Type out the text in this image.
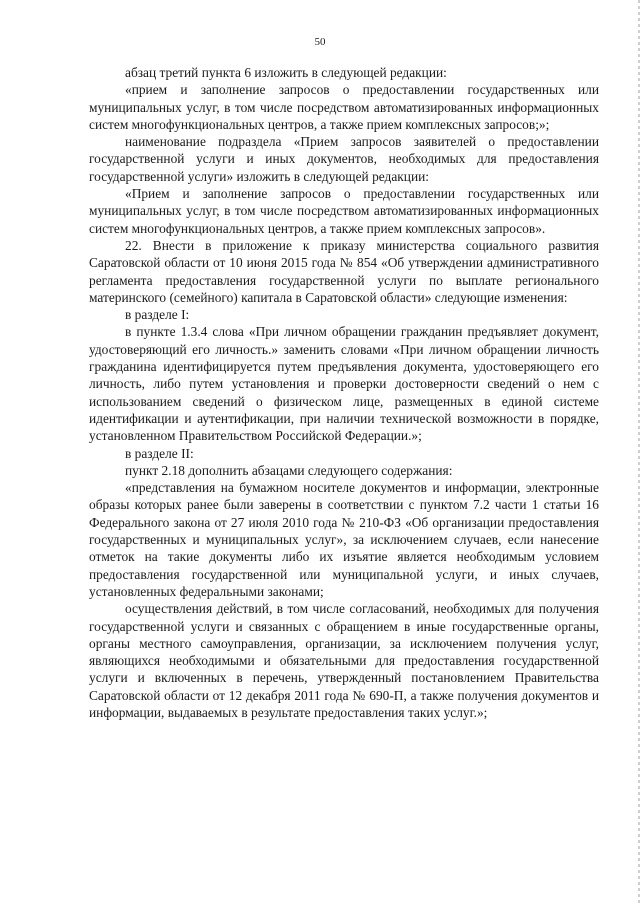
50

абзац третий пункта 6 изложить в следующей редакции:

«прием и заполнение запросов о предоставлении государственных или муниципальных услуг, в том числе посредством автоматизированных информационных систем многофункциональных центров, а также прием комплексных запросов;»;

наименование подраздела «Прием запросов заявителей о предоставлении государственной услуги и иных документов, необходимых для предоставления государственной услуги» изложить в следующей редакции:

«Прием и заполнение запросов о предоставлении государственных или муниципальных услуг, в том числе посредством автоматизированных информационных систем многофункциональных центров, а также прием комплексных запросов».

22. Внести в приложение к приказу министерства социального развития Саратовской области от 10 июня 2015 года № 854 «Об утверждении административного регламента предоставления государственной услуги по выплате регионального материнского (семейного) капитала в Саратовской области» следующие изменения:

в разделе I:

в пункте 1.3.4 слова «При личном обращении гражданин предъявляет документ, удостоверяющий его личность.» заменить словами «При личном обращении личность гражданина идентифицируется путем предъявления документа, удостоверяющего его личность, либо путем установления и проверки достоверности сведений о нем с использованием сведений о физическом лице, размещенных в единой системе идентификации и аутентификации, при наличии технической возможности в порядке, установленном Правительством Российской Федерации.»;

в разделе II:

пункт 2.18 дополнить абзацами следующего содержания:

«представления на бумажном носителе документов и информации, электронные образы которых ранее были заверены в соответствии с пунктом 7.2 части 1 статьи 16 Федерального закона от 27 июля 2010 года № 210-ФЗ «Об организации предоставления государственных и муниципальных услуг», за исключением случаев, если нанесение отметок на такие документы либо их изъятие является необходимым условием предоставления государственной или муниципальной услуги, и иных случаев, установленных федеральными законами;

осуществления действий, в том числе согласований, необходимых для получения государственной услуги и связанных с обращением в иные государственные органы, органы местного самоуправления, организации, за исключением получения услуг, являющихся необходимыми и обязательными для предоставления государственной услуги и включенных в перечень, утвержденный постановлением Правительства Саратовской области от 12 декабря 2011 года № 690-П, а также получения документов и информации, выдаваемых в результате предоставления таких услуг.»;
